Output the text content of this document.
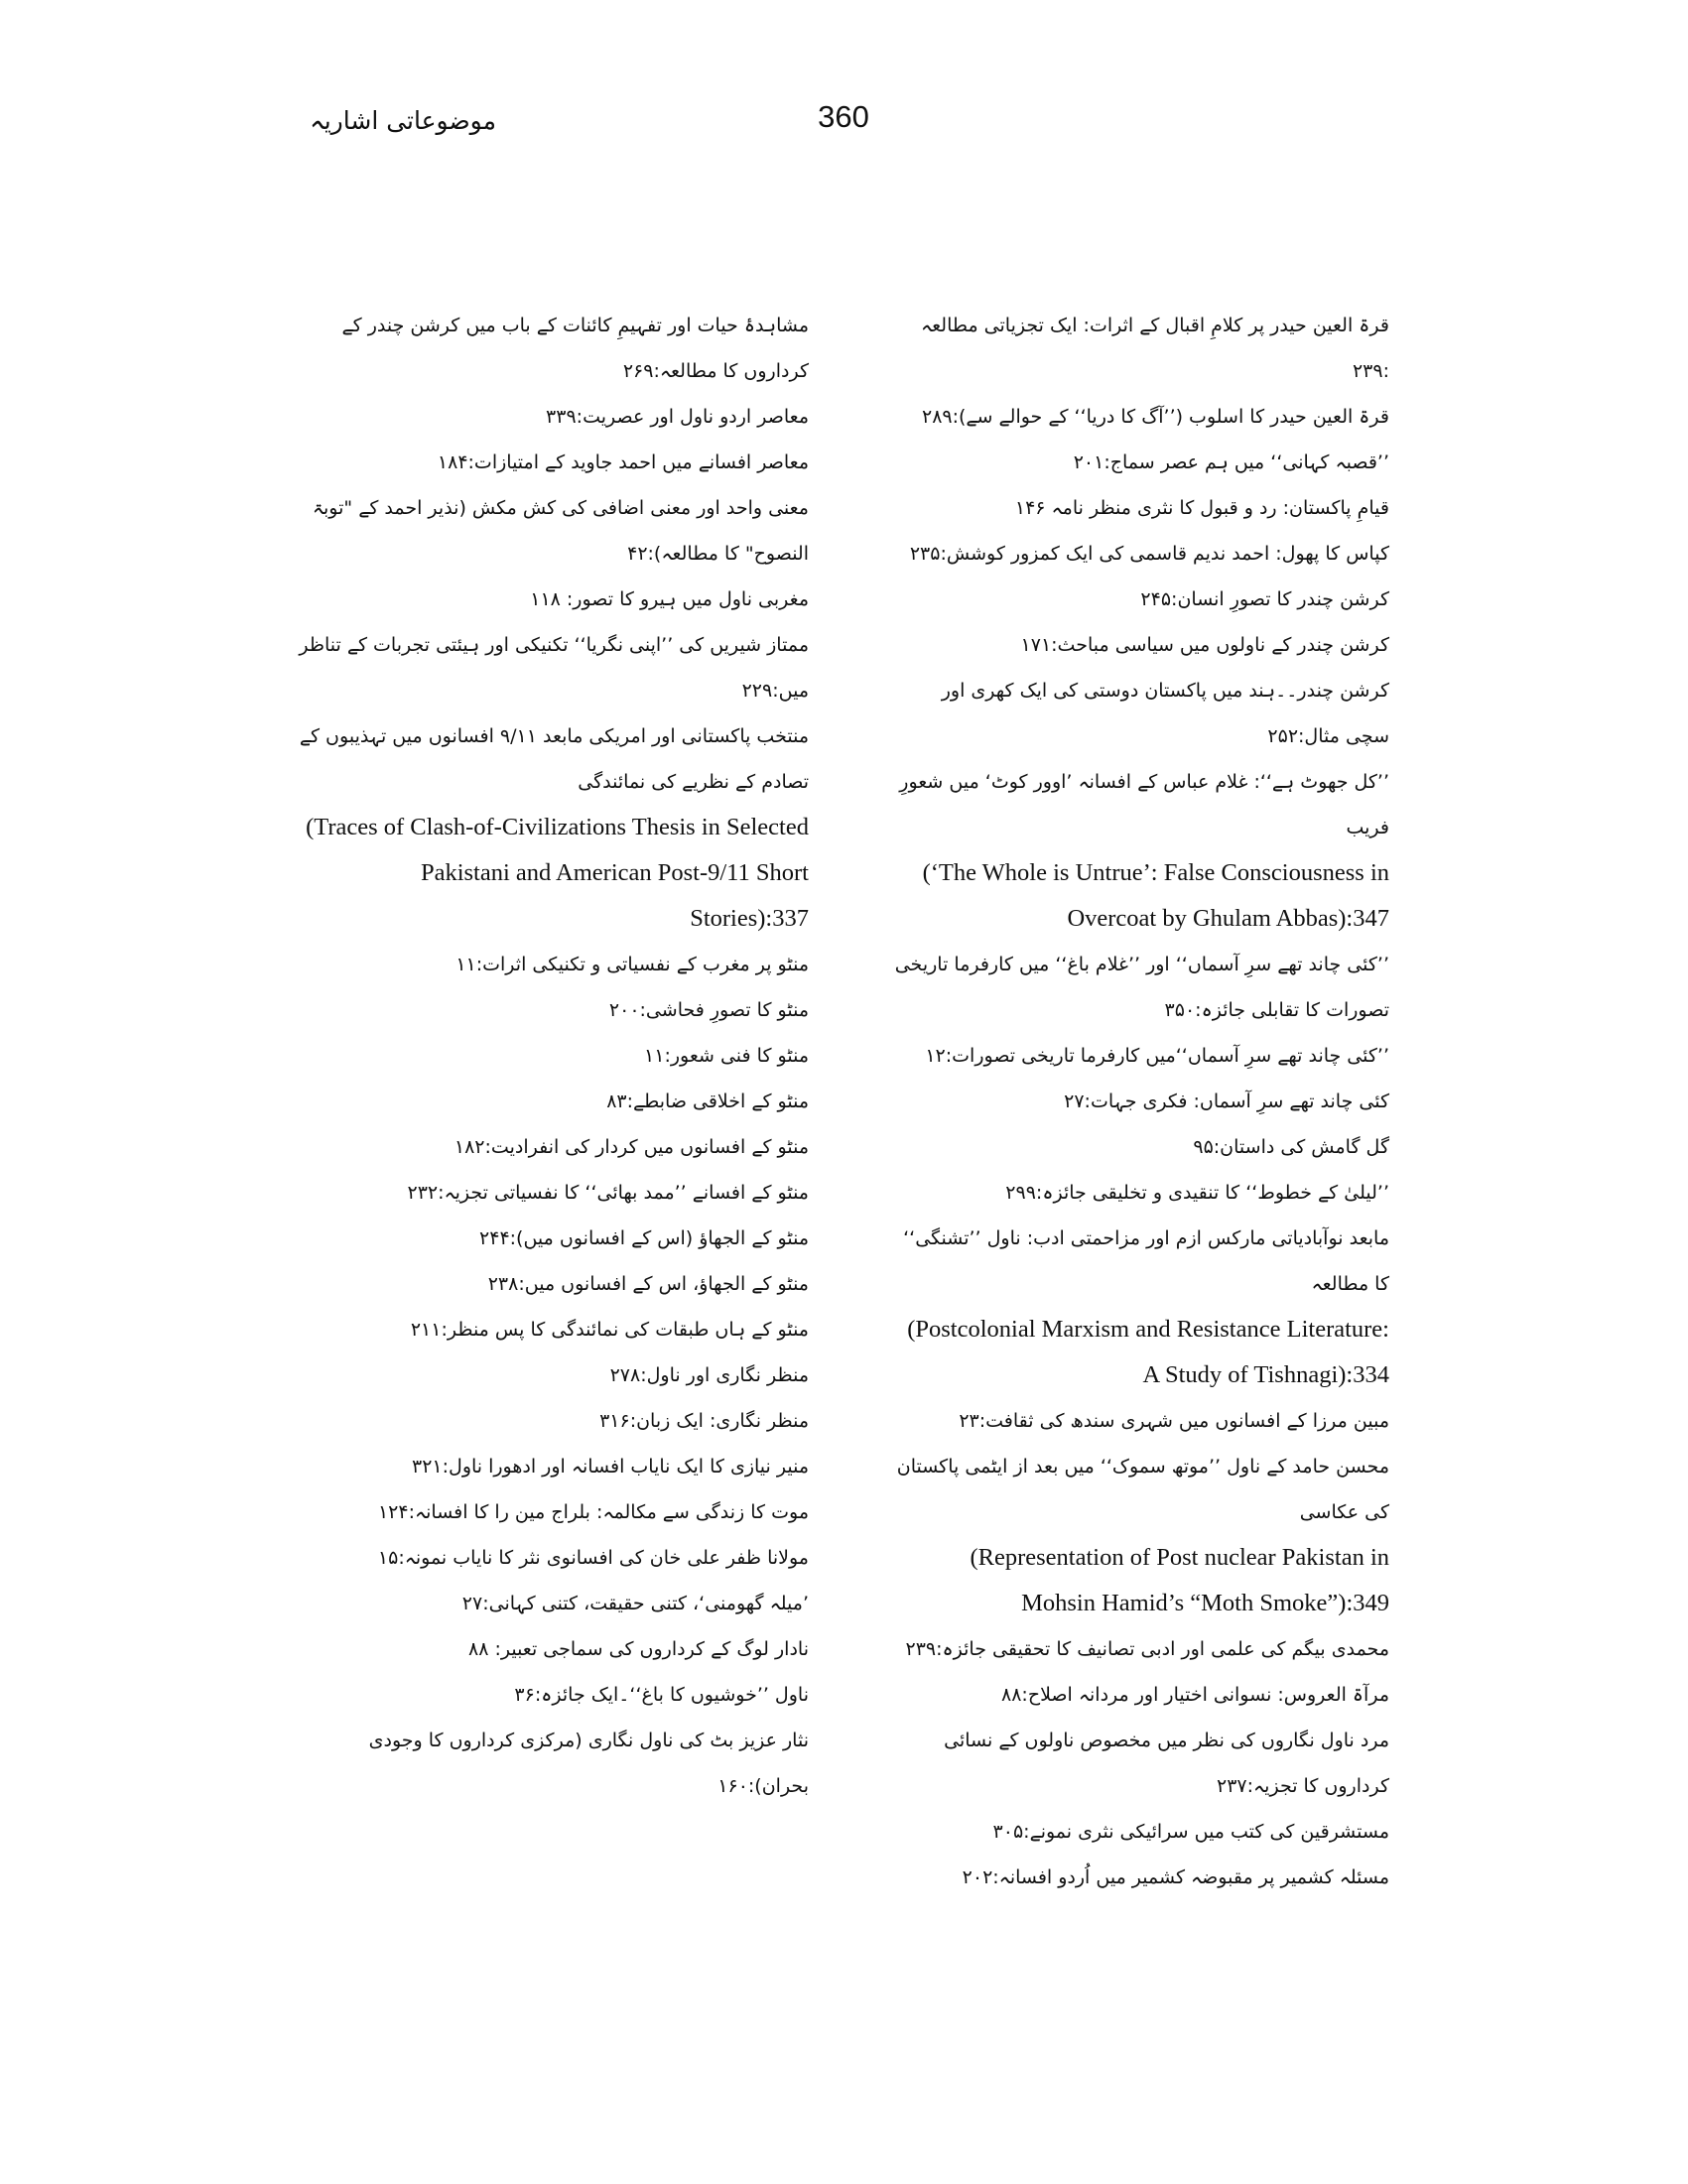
360
موضوعاتی اشاریہ
قرۃ العین حیدر پر کلامِ اقبال کے اثرات: ایک تجزیاتی مطالعہ :۲۳۹
قرۃ العین حیدر کا اسلوب (’’آگ کا دریا‘‘ کے حوالے سے):۲۸۹
’’قصبہ کہانی‘‘ میں ہم عصر سماج:۲۰۱
قیامِ پاکستان: رد و قبول کا نثری منظر نامہ ۱۴۶
کپاس کا پھول: احمد ندیم قاسمی کی ایک کمزور کوشش:۲۳۵
کرشن چندر کا تصورِ انسان:۲۴۵
کرشن چندر کے ناولوں میں سیاسی مباحث:۱۷۱
کرشن چندر۔۔ہند میں پاکستان دوستی کی ایک کھری اور سچی مثال:۲۵۲
’’کل جھوٹ ہے‘‘: غلام عباس کے افسانہ ’اوور کوٹ‘ میں شعورِ فریب
(‘The Whole is Untrue’: False Consciousness in Overcoat by Ghulam Abbas):347
’’کئی چاند تھے سرِ آسماں‘‘ اور ’’غلام باغ‘‘ میں کارفرما تاریخی تصورات کا تقابلی جائزہ:۳۵۰
’’کئی چاند تھے سرِ آسماں‘‘میں کارفرما تاریخی تصورات:۱۲
کئی چاند تھے سرِ آسماں: فکری جہات:۲۷
گل گامش کی داستان:۹۵
’’لیلیٰ کے خطوط‘‘ کا تنقیدی و تخلیقی جائزہ:۲۹۹
مابعد نوآبادیاتی مارکس ازم اور مزاحمتی ادب: ناول ’’تشنگی‘‘ کا مطالعہ
(Postcolonial Marxism and Resistance Literature: A Study of Tishnagi):334
مبین مرزا کے افسانوں میں شہری سندھ کی ثقافت:۲۳
محسن حامد کے ناول ’’موتھ سموک‘‘ میں بعد از ایٹمی پاکستان کی عکاسی
(Representation of Post nuclear Pakistan in Mohsin Hamid’s “Moth Smoke”):349
محمدی بیگم کی علمی اور ادبی تصانیف کا تحقیقی جائزہ:۲۳۹
مرآۃ العروس: نسوانی اختیار اور مردانہ اصلاح:۸۸
مرد ناول نگاروں کی نظر میں مخصوص ناولوں کے نسائی کرداروں کا تجزیہ:۲۳۷
مستشرقین کی کتب میں سرائیکی نثری نمونے:۳۰۵
مسئلہ کشمیر پر مقبوضہ کشمیر میں اُردو افسانہ:۲۰۲
مشاہدۂ حیات اور تفہیمِ کائنات کے باب میں کرشن چندر کے کرداروں کا مطالعہ:۲۶۹
معاصر اردو ناول اور عصریت:۳۳۹
معاصر افسانے میں احمد جاوید کے امتیازات:۱۸۴
معنی واحد اور معنی اضافی کی کش مکش (نذیر احمد کے "توبۃ النصوح" کا مطالعہ):۴۲
مغربی ناول میں ہیرو کا تصور: ۱۱۸
ممتاز شیریں کی ’’اپنی نگریا‘‘ تکنیکی اور ہیئتی تجربات کے تناظر میں:۲۲۹
منتخب پاکستانی اور امریکی مابعد ۹/۱۱ افسانوں میں تہذیبوں کے تصادم کے نظریے کی نمائندگی
(Traces of Clash-of-Civilizations Thesis in Selected Pakistani and American Post-9/11 Short Stories):337
منٹو پر مغرب کے نفسیاتی و تکنیکی اثرات:۱۱
منٹو کا تصورِ فحاشی:۲۰۰
منٹو کا فنی شعور:۱۱
منٹو کے اخلاقی ضابطے:۸۳
منٹو کے افسانوں میں کردار کی انفرادیت:۱۸۲
منٹو کے افسانے ’’ممد بھائی‘‘ کا نفسیاتی تجزیہ:۲۳۲
منٹو کے الجھاؤ (اس کے افسانوں میں):۲۴۴
منٹو کے الجھاؤ، اس کے افسانوں میں:۲۳۸
منٹو کے ہاں طبقات کی نمائندگی کا پس منظر:۲۱۱
منظر نگاری اور ناول:۲۷۸
منظر نگاری: ایک زبان:۳۱۶
منیر نیازی کا ایک نایاب افسانہ اور ادھورا ناول:۳۲۱
موت کا زندگی سے مکالمہ: بلراج مین را کا افسانہ:۱۲۴
مولانا ظفر علی خان کی افسانوی نثر کا نایاب نمونہ:۱۵
’میلہ گھومنی‘، کتنی حقیقت، کتنی کہانی:۲۷
نادار لوگ کے کرداروں کی سماجی تعبیر: ۸۸
ناول ’’خوشیوں کا باغ‘‘۔ایک جائزہ:۳۶
نثار عزیز بٹ کی ناول نگاری (مرکزی کرداروں کا وجودی بحران):۱۶۰
